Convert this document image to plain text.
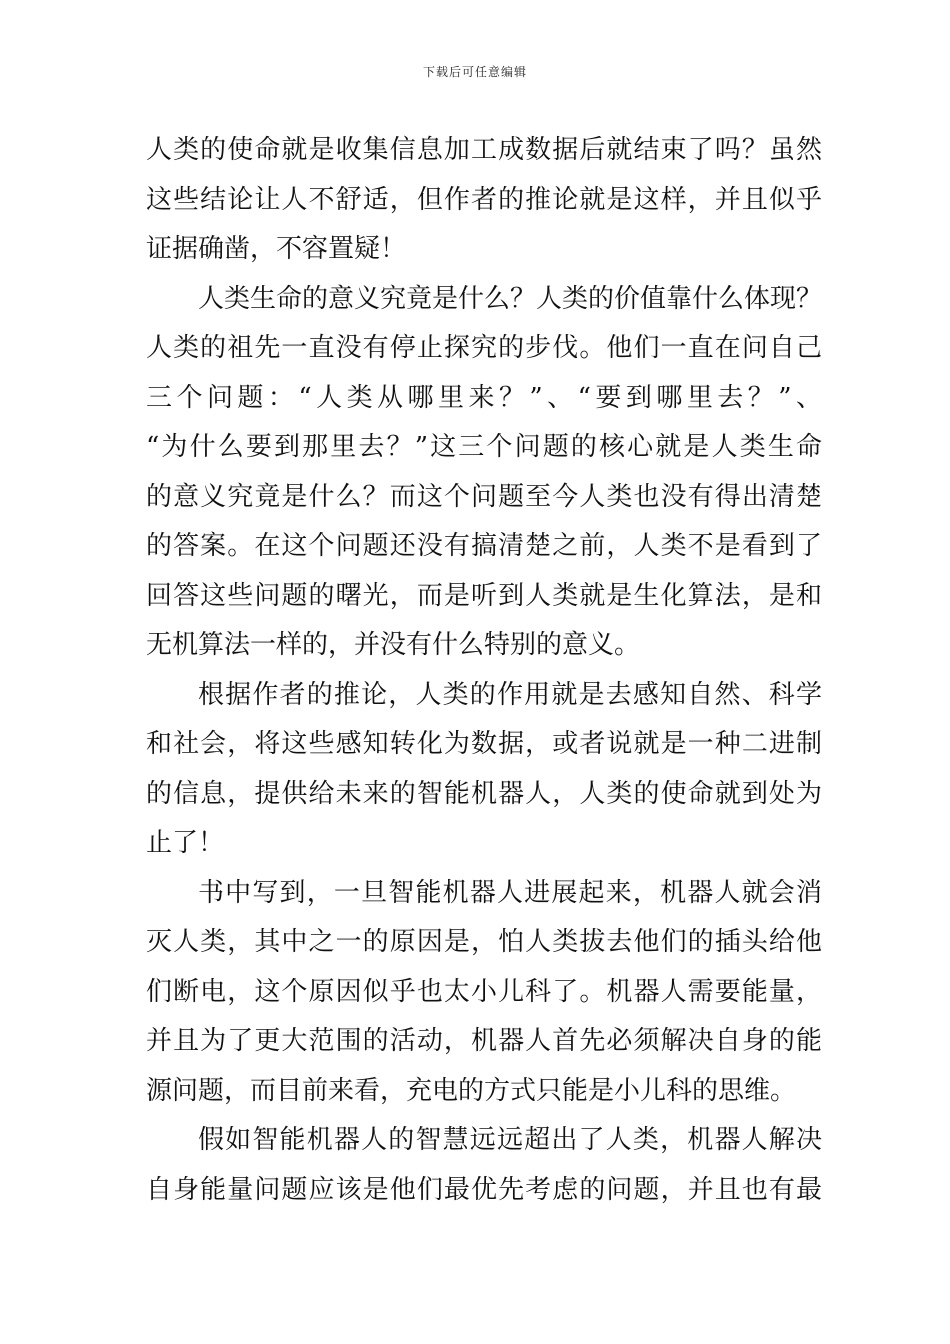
下载后可任意编辑
人类的使命就是收集信息加工成数据后就结束了吗？虽然
这些结论让人不舒适，但作者的推论就是这样，并且似乎
证据确凿，不容置疑！
人类生命的意义究竟是什么？人类的价值靠什么体现？
人类的祖先一直没有停止探究的步伐。他们一直在问自己
三个问题：“人类从哪里来？”、“要到哪里去？”、
“为什么要到那里去？”这三个问题的核心就是人类生命
的意义究竟是什么？而这个问题至今人类也没有得出清楚
的答案。在这个问题还没有搞清楚之前，人类不是看到了
回答这些问题的曙光，而是听到人类就是生化算法，是和
无机算法一样的，并没有什么特别的意义。
根据作者的推论，人类的作用就是去感知自然、科学
和社会，将这些感知转化为数据，或者说就是一种二进制
的信息，提供给未来的智能机器人，人类的使命就到处为
止了！
书中写到，一旦智能机器人进展起来，机器人就会消
灭人类，其中之一的原因是，怕人类拔去他们的插头给他
们断电，这个原因似乎也太小儿科了。机器人需要能量，
并且为了更大范围的活动，机器人首先必须解决自身的能
源问题，而目前来看，充电的方式只能是小儿科的思维。
假如智能机器人的智慧远远超出了人类，机器人解决
自身能量问题应该是他们最优先考虑的问题，并且也有最
